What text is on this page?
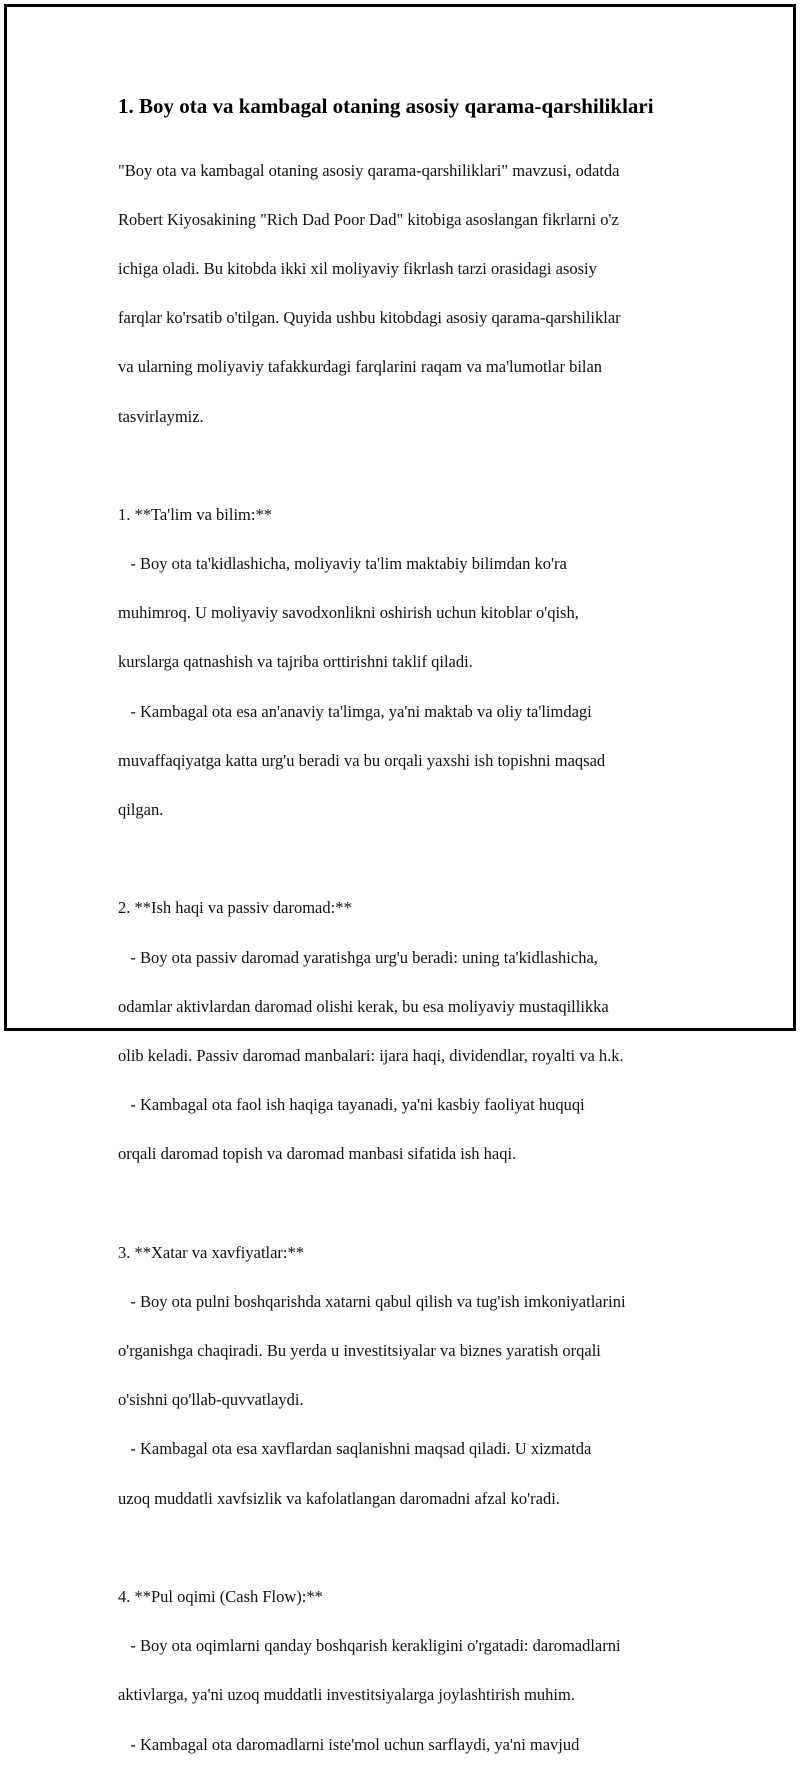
1. Boy ota va kambagal otaning asosiy qarama-qarshiliklari

"Boy ota va kambagal otaning asosiy qarama-qarshiliklari" mavzusi, odatda

Robert Kiyosakining "Rich Dad Poor Dad" kitobiga asoslangan fikrlarni o'z

ichiga oladi. Bu kitobda ikki xil moliyaviy fikrlash tarzi orasidagi asosiy

farqlar ko'rsatib o'tilgan. Quyida ushbu kitobdagi asosiy qarama-qarshiliklar

va ularning moliyaviy tafakkurdagi farqlarini raqam va ma'lumotlar bilan

tasvirlaymiz.

1. **Ta'lim va bilim:**

- Boy ota ta'kidlashicha, moliyaviy ta'lim maktabiy bilimdan ko'ra

muhimroq. U moliyaviy savodxonlikni oshirish uchun kitoblar o'qish,

kurslarga qatnashish va tajriba orttirishni taklif qiladi.

- Kambagal ota esa an'anaviy ta'limga, ya'ni maktab va oliy ta'limdagi

muvaffaqiyatga katta urg'u beradi va bu orqali yaxshi ish topishni maqsad

qilgan.

2. **Ish haqi va passiv daromad:**

- Boy ota passiv daromad yaratishga urg'u beradi: uning ta'kidlashicha,

odamlar aktivlardan daromad olishi kerak, bu esa moliyaviy mustaqillikka

olib keladi. Passiv daromad manbalari: ijara haqi, dividendlar, royalti va h.k.

- Kambagal ota faol ish haqiga tayanadi, ya'ni kasbiy faoliyat huquqi

orqali daromad topish va daromad manbasi sifatida ish haqi.

3. **Xatar va xavfiyatlar:**

- Boy ota pulni boshqarishda xatarni qabul qilish va tug'ish imkoniyatlarini

o'rganishga chaqiradi. Bu yerda u investitsiyalar va biznes yaratish orqali

o'sishni qo'llab-quvvatlaydi.

- Kambagal ota esa xavflardan saqlanishni maqsad qiladi. U xizmatda

uzoq muddatli xavfsizlik va kafolatlangan daromadni afzal ko'radi.

4. **Pul oqimi (Cash Flow):**

- Boy ota oqimlarni qanday boshqarish kerakligini o'rgatadi: daromadlarni

aktivlarga, ya'ni uzoq muddatli investitsiyalarga joylashtirish muhim.

- Kambagal ota daromadlarni iste'mol uchun sarflaydi, ya'ni mavjud
